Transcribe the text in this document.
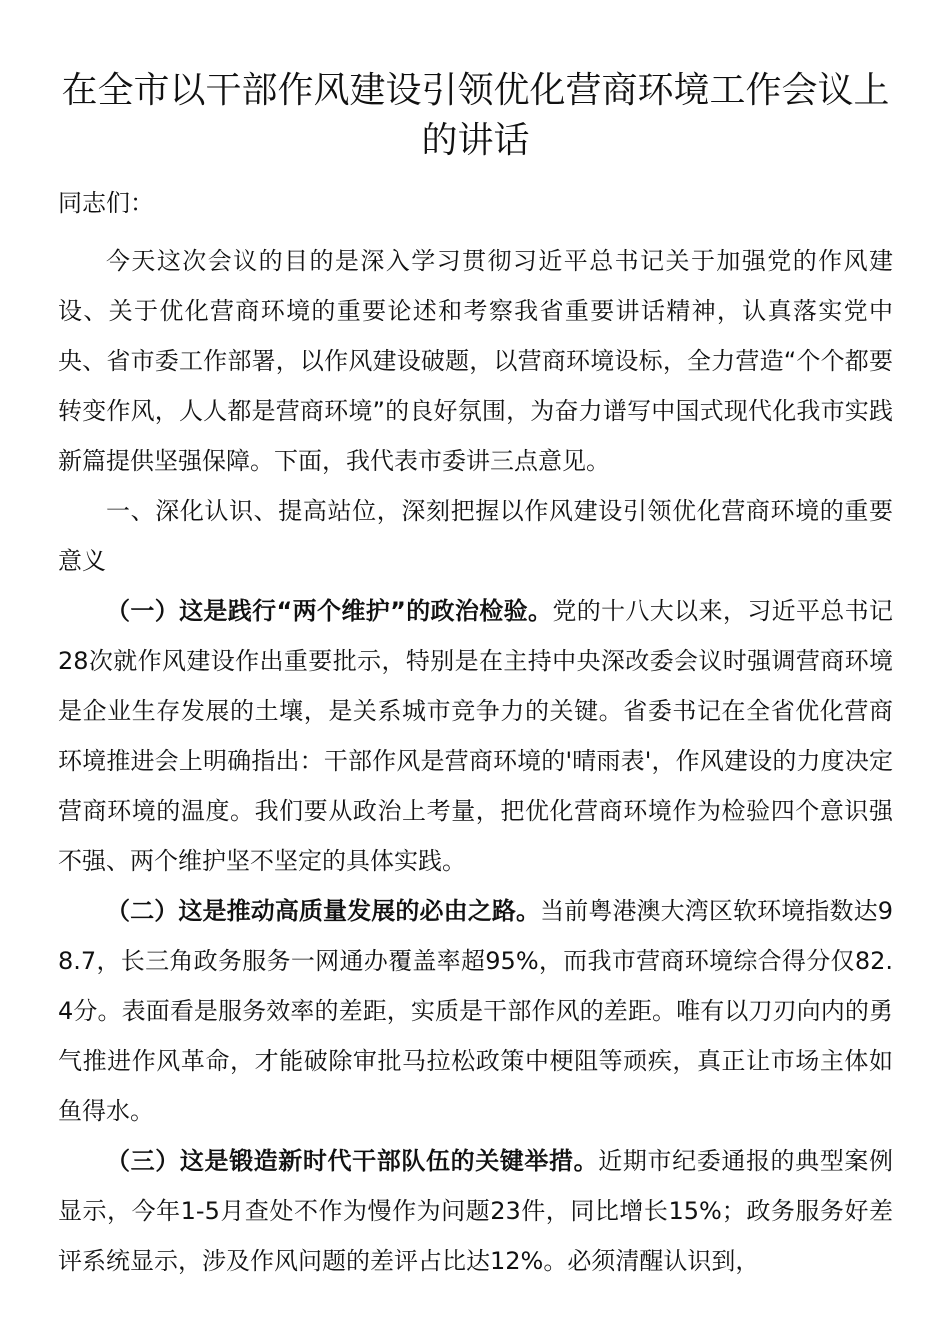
在全市以干部作风建设引领优化营商环境工作会议上的讲话

同志们：

今天这次会议的目的是深入学习贯彻习近平总书记关于加强党的作风建设、关于优化营商环境的重要论述和考察我省重要讲话精神，认真落实党中央、省市委工作部署，以作风建设破题，以营商环境设标，全力营造“个个都要转变作风，人人都是营商环境”的良好氛围，为奋力谱写中国式现代化我市实践新篇提供坚强保障。下面，我代表市委讲三点意见。

一、深化认识、提高站位，深刻把握以作风建设引领优化营商环境的重要意义

（一）这是践行“两个维护”的政治检验。党的十八大以来，习近平总书记28次就作风建设作出重要批示，特别是在主持中央深改委会议时强调营商环境是企业生存发展的土壤，是关系城市竞争力的关键。省委书记在全省优化营商环境推进会上明确指出：干部作风是营商环境的'晴雨表'，作风建设的力度决定营商环境的温度。我们要从政治上考量，把优化营商环境作为检验四个意识强不强、两个维护坚不坚定的具体实践。

（二）这是推动高质量发展的必由之路。当前粤港澳大湾区软环境指数达98.7，长三角政务服务一网通办覆盖率超95%，而我市营商环境综合得分仅82.4分。表面看是服务效率的差距，实质是干部作风的差距。唯有以刀刃向内的勇气推进作风革命，才能破除审批马拉松政策中梗阻等顽疾，真正让市场主体如鱼得水。

（三）这是锻造新时代干部队伍的关键举措。近期市纪委通报的典型案例显示，今年1-5月查处不作为慢作为问题23件，同比增长15%；政务服务好差评系统显示，涉及作风问题的差评占比达12%。必须清醒认识到，
